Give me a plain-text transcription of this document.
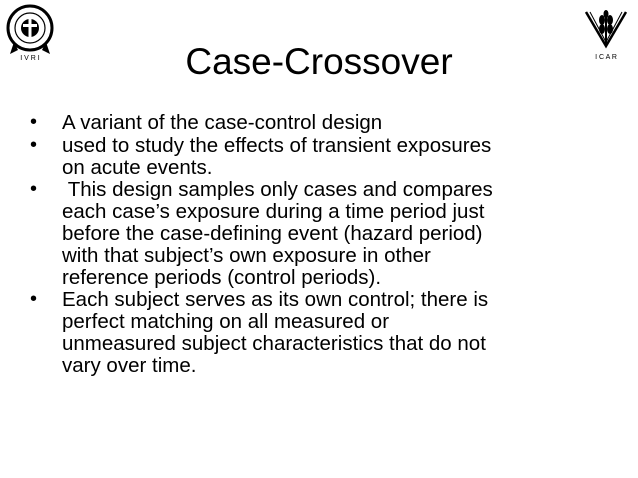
I V R I	Case-Crossover	I C A R
• A variant of the case-control design
• used to study the effects of transient exposures
on acute events.
• This design samples only cases and compares
each case’s exposure during a time period just
before the case-defining event (hazard period)
with that subject’s own exposure in other
reference periods (control periods).
• Each subject serves as its own control; there is
perfect matching on all measured or
unmeasured subject characteristics that do not
vary over time.
